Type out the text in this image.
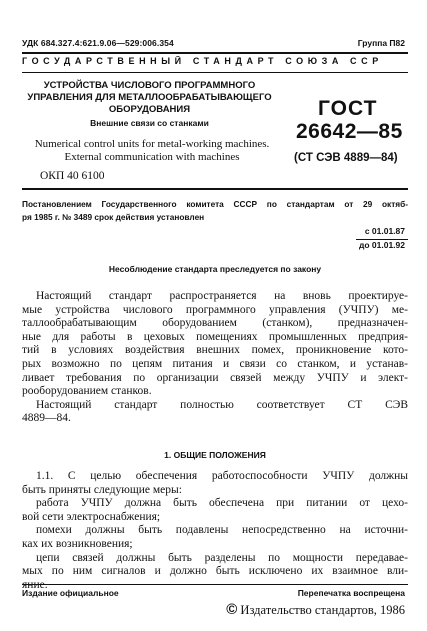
УДК 684.327.4:621.9.06—529:006.354	Группа П82
ГОСУДАРСТВЕННЫЙ СТАНДАРТ СОЮЗА ССР
УСТРОЙСТВА ЧИСЛОВОГО ПРОГРАММНОГО
УПРАВЛЕНИЯ ДЛЯ МЕТАЛЛООБРАБАТЫВАЮЩЕГО
ОБОРУДОВАНИЯ
Внешние связи со станками
Numerical control units for metal-working machines.
External communication with machines
ОКП 40 6100
ГОСТ
26642—85
(СТ СЭВ 4889—84)
Постановлением Государственного комитета СССР по стандартам от 29 октяб-
ря 1985 г. № 3489 срок действия установлен
с 01.01.87
до 01.01.92
Несоблюдение стандарта преследуется по закону

Настоящий стандарт распространяется на вновь проектируе-

мые устройства числового программного управления (УЧПУ) ме-

таллообрабатывающим оборудованием (станком), предназначен-

ные для работы в цеховых помещениях промышленных предприя-

тий в условиях воздействия внешних помех, проникновение кото-

рых возможно по цепям питания и связи со станком, и устанав-

ливает требования по организации связей между УЧПУ и элект-

рооборудованием станков.

Настоящий стандарт полностью соответствует СТ СЭВ

4889—84.

1. ОБЩИЕ ПОЛОЖЕНИЯ

1.1. С целью обеспечения работоспособности УЧПУ должны

быть приняты следующие меры:

работа УЧПУ должна быть обеспечена при питании от цехо-

вой сети электроснабжения;

помехи должны быть подавлены непосредственно на источни-

ках их возникновения;

цепи связей должны быть разделены по мощности передавае-

мых по ним сигналов и должно быть исключено их взаимное вли-

яние.

Издание официальное	Перепечатка воспрещена
© Издательство стандартов, 1986
